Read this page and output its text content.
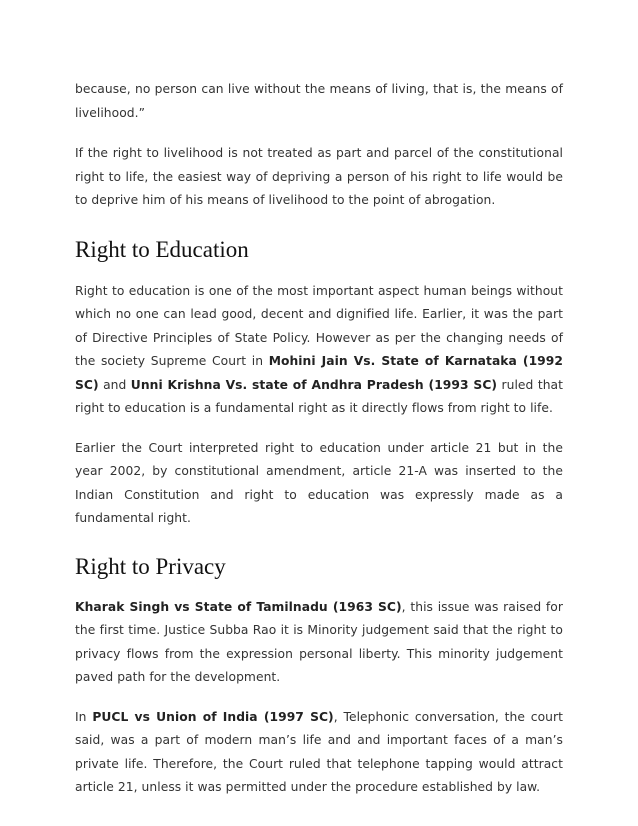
because, no person can live without the means of living, that is, the means of livelihood.”

If the right to livelihood is not treated as part and parcel of the constitutional right to life, the easiest way of depriving a person of his right to life would be to deprive him of his means of livelihood to the point of abrogation.

Right to Education

Right to education is one of the most important aspect human beings without which no one can lead good, decent and dignified life. Earlier, it was the part of Directive Principles of State Policy. However as per the changing needs of the society Supreme Court in Mohini Jain Vs. State of Karnataka (1992 SC) and Unni Krishna Vs. state of Andhra Pradesh (1993 SC) ruled that right to education is a fundamental right as it directly flows from right to life.

Earlier the Court interpreted right to education under article 21 but in the year 2002, by constitutional amendment, article 21-A was inserted to the Indian Constitution and right to education was expressly made as a fundamental right.

Right to Privacy

Kharak Singh vs State of Tamilnadu (1963 SC), this issue was raised for the first time. Justice Subba Rao it is Minority judgement said that the right to privacy flows from the expression personal liberty. This minority judgement paved path for the development.

In PUCL vs Union of India (1997 SC), Telephonic conversation, the court said, was a part of modern man’s life and and important faces of a man’s private life. Therefore, the Court ruled that telephone tapping would attract article 21, unless it was permitted under the procedure established by law.
